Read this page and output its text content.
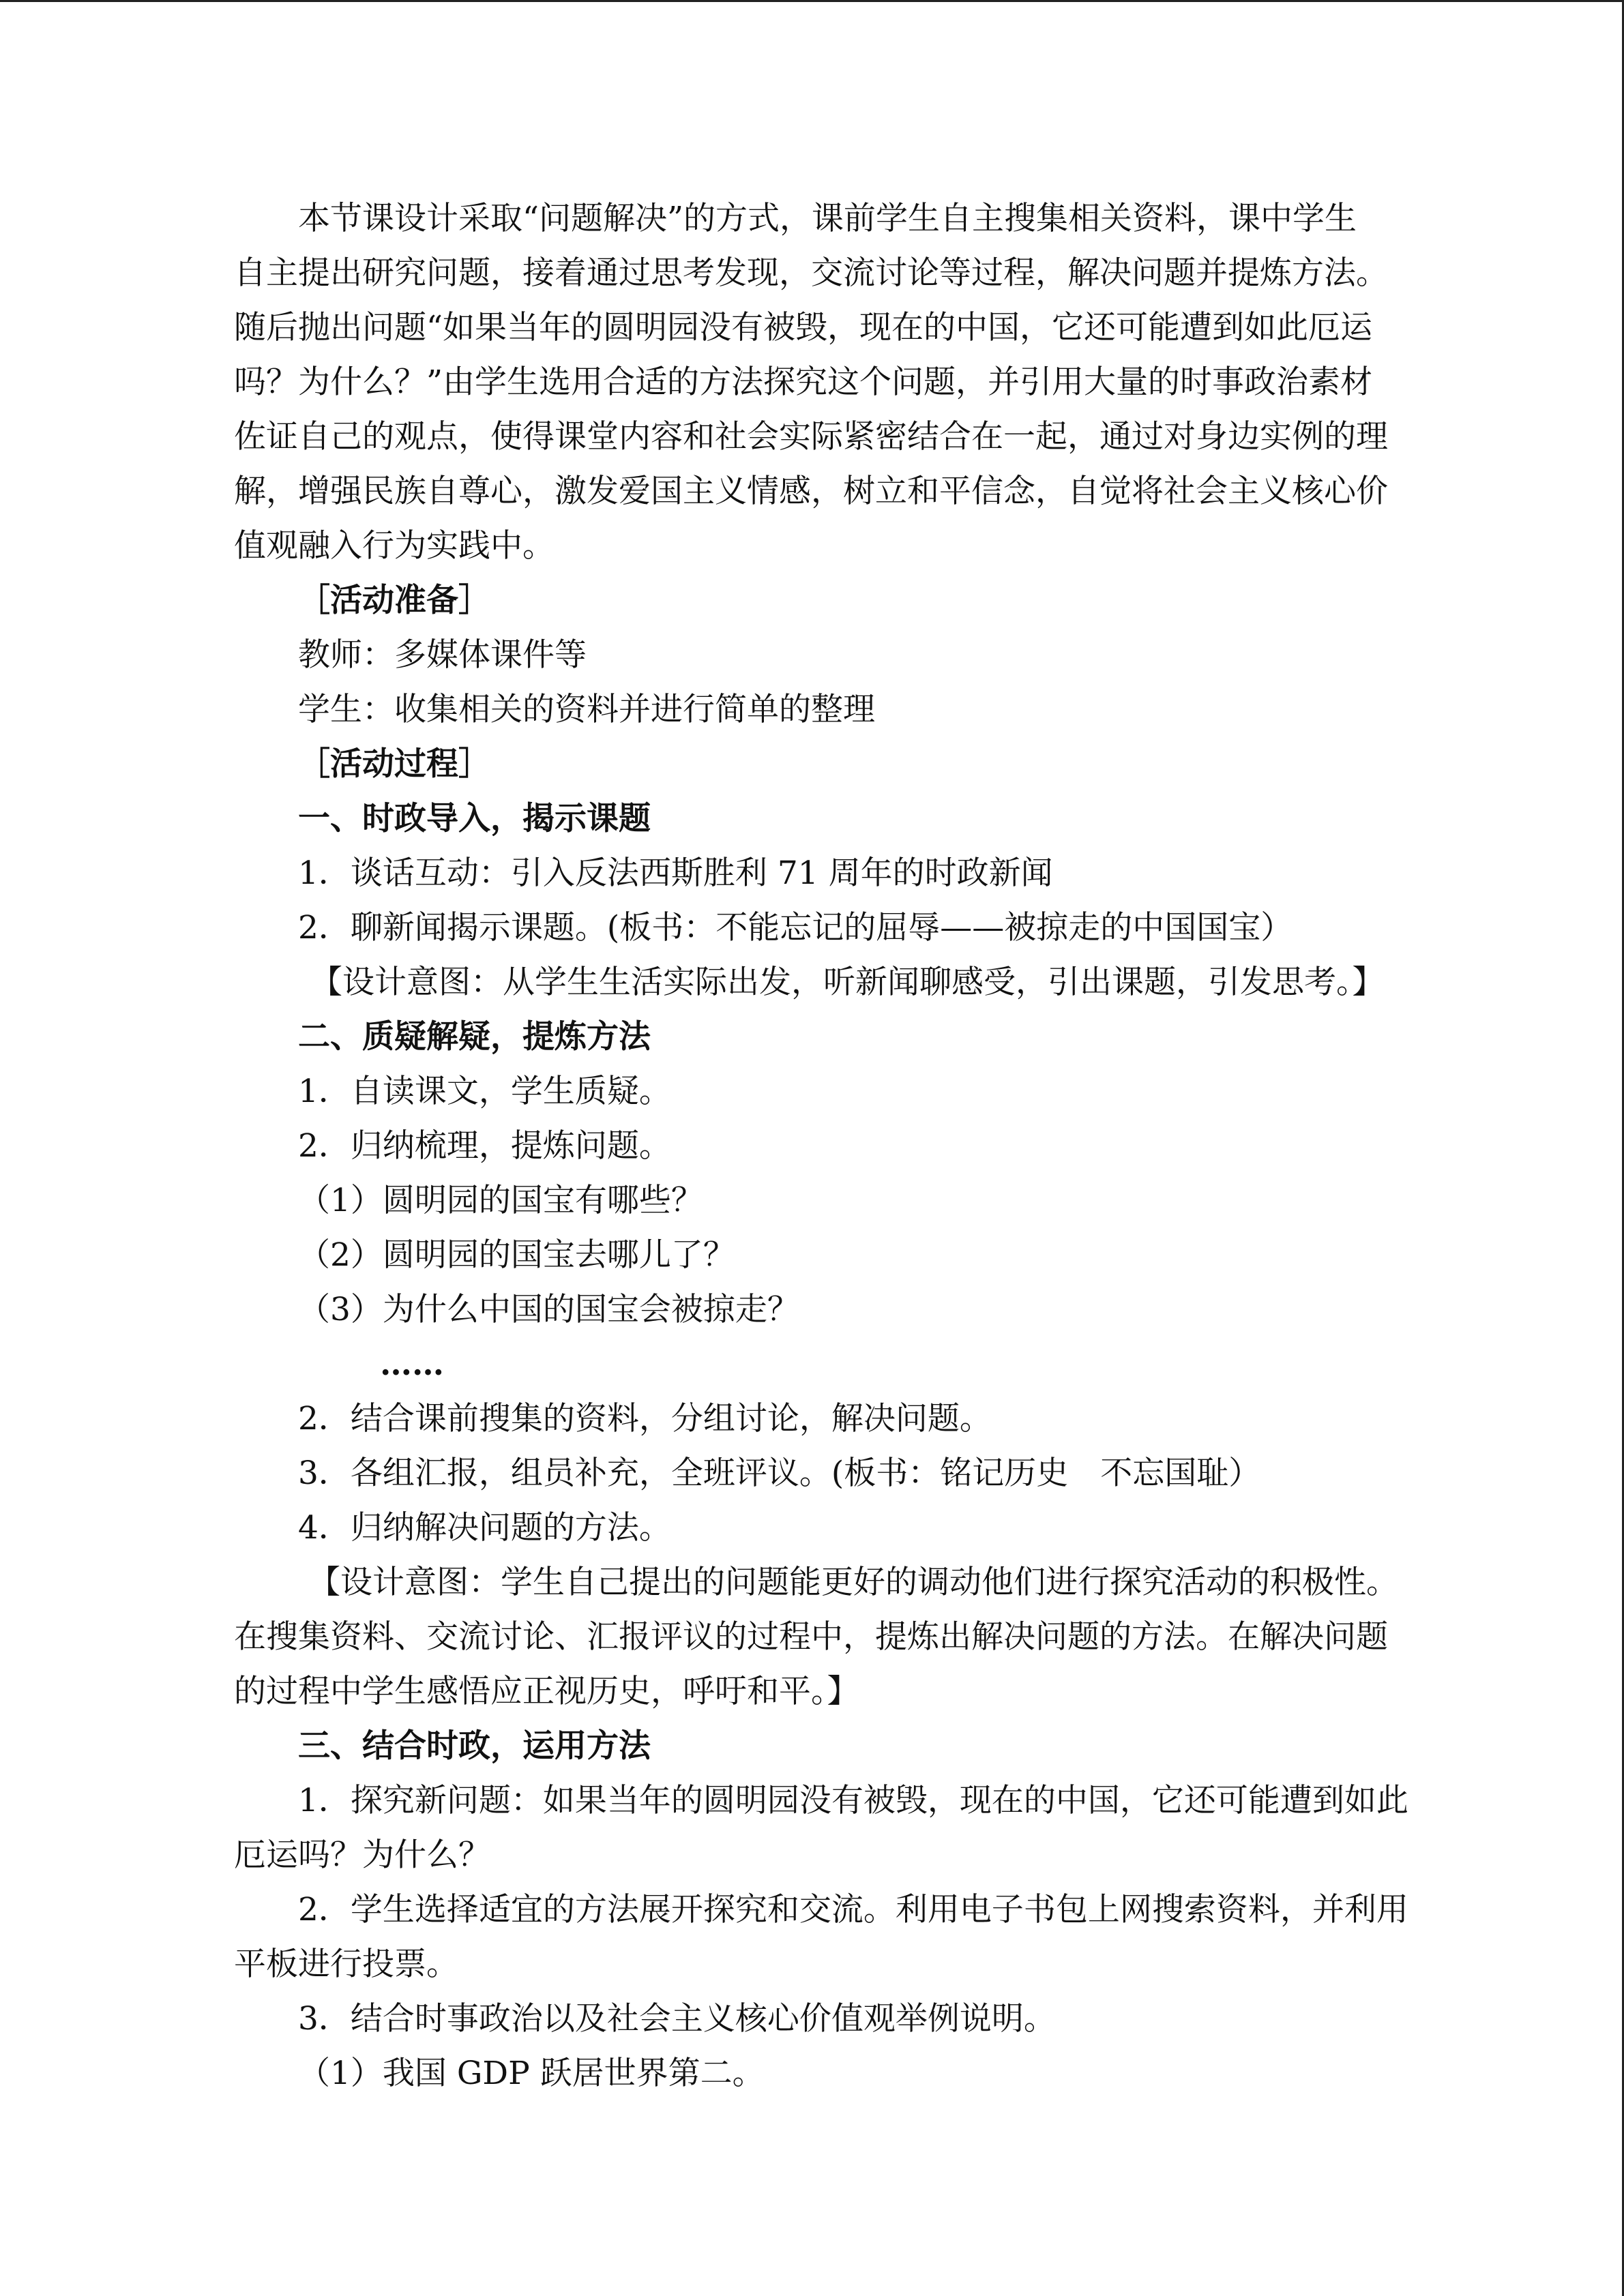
本节课设计采取“问题解决”的方式，课前学生自主搜集相关资料，课中学生
自主提出研究问题，接着通过思考发现，交流讨论等过程，解决问题并提炼方法。
随后抛出问题“如果当年的圆明园没有被毁，现在的中国，它还可能遭到如此厄运
吗？为什么？”由学生选用合适的方法探究这个问题，并引用大量的时事政治素材
佐证自己的观点，使得课堂内容和社会实际紧密结合在一起，通过对身边实例的理
解，增强民族自尊心，激发爱国主义情感，树立和平信念，自觉将社会主义核心价
值观融入行为实践中。
［活动准备］
教师：多媒体课件等
学生：收集相关的资料并进行简单的整理
［活动过程］
一、时政导入，揭示课题
1．谈话互动：引入反法西斯胜利 71 周年的时政新闻
2．聊新闻揭示课题。(板书：不能忘记的屈辱——被掠走的中国国宝）
【设计意图：从学生生活实际出发，听新闻聊感受，引出课题，引发思考。】
二、质疑解疑，提炼方法
1．自读课文，学生质疑。
2．归纳梳理，提炼问题。
（1）圆明园的国宝有哪些？
（2）圆明园的国宝去哪儿了？
（3）为什么中国的国宝会被掠走？
……
2．结合课前搜集的资料，分组讨论，解决问题。
3．各组汇报，组员补充，全班评议。(板书：铭记历史　不忘国耻）
4．归纳解决问题的方法。
【设计意图：学生自己提出的问题能更好的调动他们进行探究活动的积极性。
在搜集资料、交流讨论、汇报评议的过程中，提炼出解决问题的方法。在解决问题
的过程中学生感悟应正视历史，呼吁和平。】
三、结合时政，运用方法
1．探究新问题：如果当年的圆明园没有被毁，现在的中国，它还可能遭到如此
厄运吗？为什么？
2．学生选择适宜的方法展开探究和交流。利用电子书包上网搜索资料，并利用
平板进行投票。
3．结合时事政治以及社会主义核心价值观举例说明。
（1）我国 GDP 跃居世界第二。
